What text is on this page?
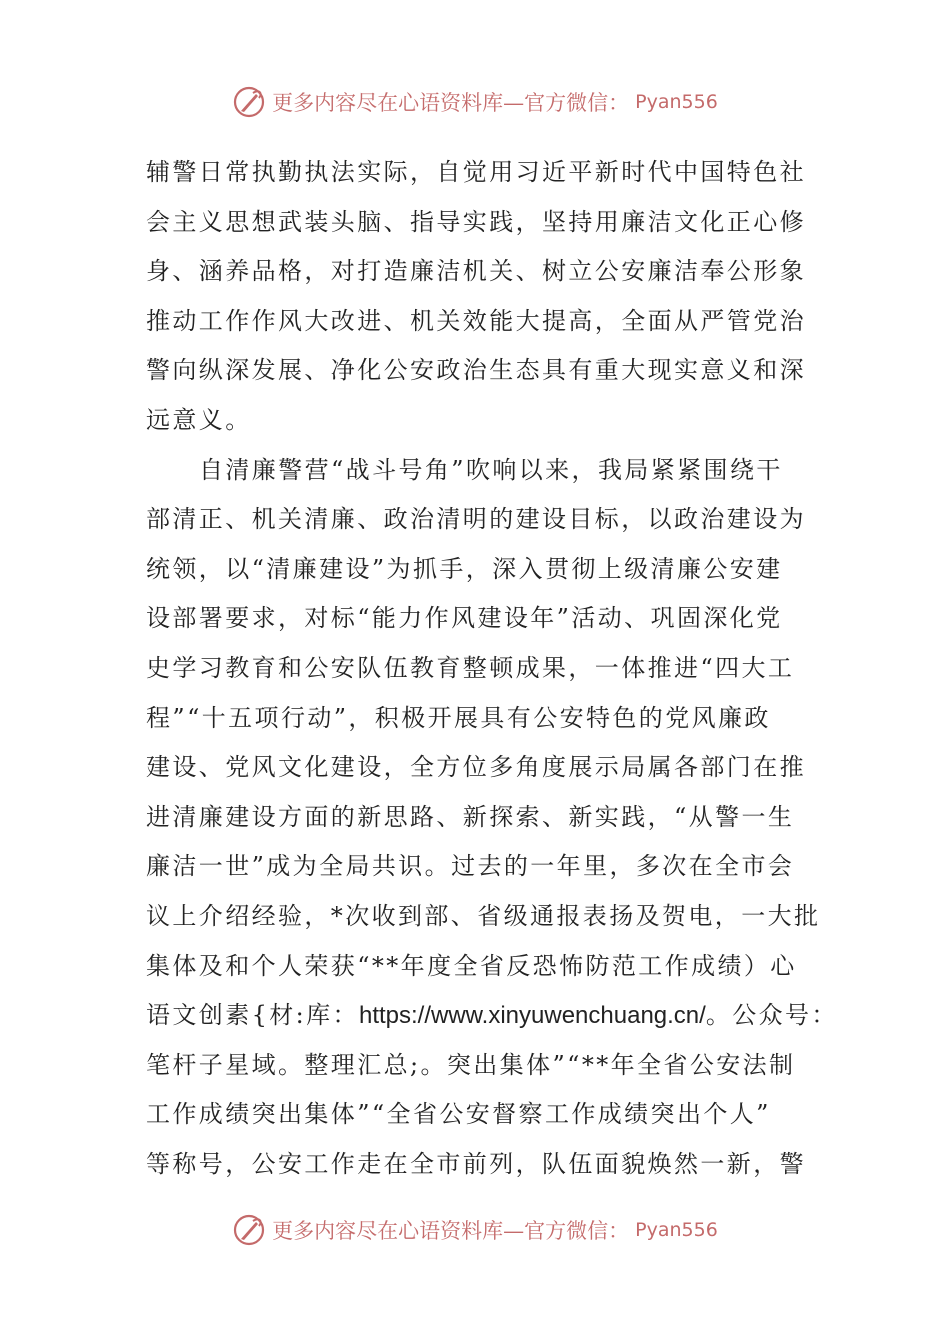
更多内容尽在心语资料库—官方微信： Pyan556
辅警日常执勤执法实际，自觉用习近平新时代中国特色社
会主义思想武装头脑、指导实践，坚持用廉洁文化正心修
身、涵养品格，对打造廉洁机关、树立公安廉洁奉公形象
推动工作作风大改进、机关效能大提高，全面从严管党治
警向纵深发展、净化公安政治生态具有重大现实意义和深
远意义。
自清廉警营“战斗号角”吹响以来，我局紧紧围绕干
部清正、机关清廉、政治清明的建设目标，以政治建设为
统领，以“清廉建设”为抓手，深入贯彻上级清廉公安建
设部署要求，对标“能力作风建设年”活动、巩固深化党
史学习教育和公安队伍教育整顿成果，一体推进“四大工
程”“十五项行动”，积极开展具有公安特色的党风廉政
建设、党风文化建设，全方位多角度展示局属各部门在推
进清廉建设方面的新思路、新探索、新实践，“从警一生
廉洁一世”成为全局共识。过去的一年里，多次在全市会
议上介绍经验，*次收到部、省级通报表扬及贺电，一大批
集体及和个人荣获“**年度全省反恐怖防范工作成绩）心
语文创素{材:库：https://www.xinyuwenchuang.cn/。公众号：
笔杆子星域。整理汇总;。突出集体”“**年全省公安法制
工作成绩突出集体”“全省公安督察工作成绩突出个人”
等称号，公安工作走在全市前列，队伍面貌焕然一新，警
更多内容尽在心语资料库—官方微信： Pyan556
